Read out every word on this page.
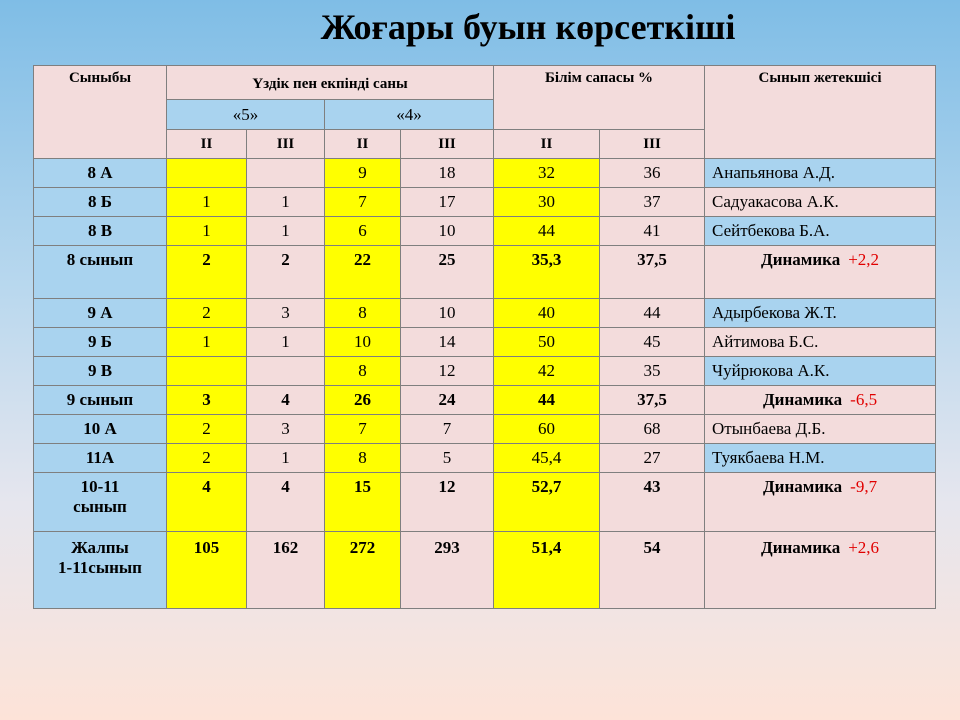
Жоғары буын көрсеткіші
Сыныбы	Үздік пен екпінді саны				Білім сапасы %		Сынып жетекшісі
	«5»		«4»				
	ІІ	ІІІ	ІІ	ІІІ	ІІ	ІІІ	
8 А			9	18	32	36	Анапьянова А.Д.
8 Б	1	1	7	17	30	37	Садуакасова А.К.
8 В	1	1	6	10	44	41	Сейтбекова Б.А.
8 сынып	2	2	22	25	35,3	37,5	Динамика +2,2
9 А	2	3	8	10	40	44	Адырбекова Ж.Т.
9 Б	1	1	10	14	50	45	Айтимова Б.С.
9 В			8	12	42	35	Чуйрюкова А.К.
9 сынып	3	4	26	24	44	37,5	Динамика -6,5
10 А	2	3	7	7	60	68	Отынбаева Д.Б.
11А	2	1	8	5	45,4	27	Туякбаева Н.М.

10-11
сынып	4	4	15	12	52,7	43	Динамика -9,7

Жалпы
1-11сынып	105	162	272	293	51,4	54	Динамика +2,6
